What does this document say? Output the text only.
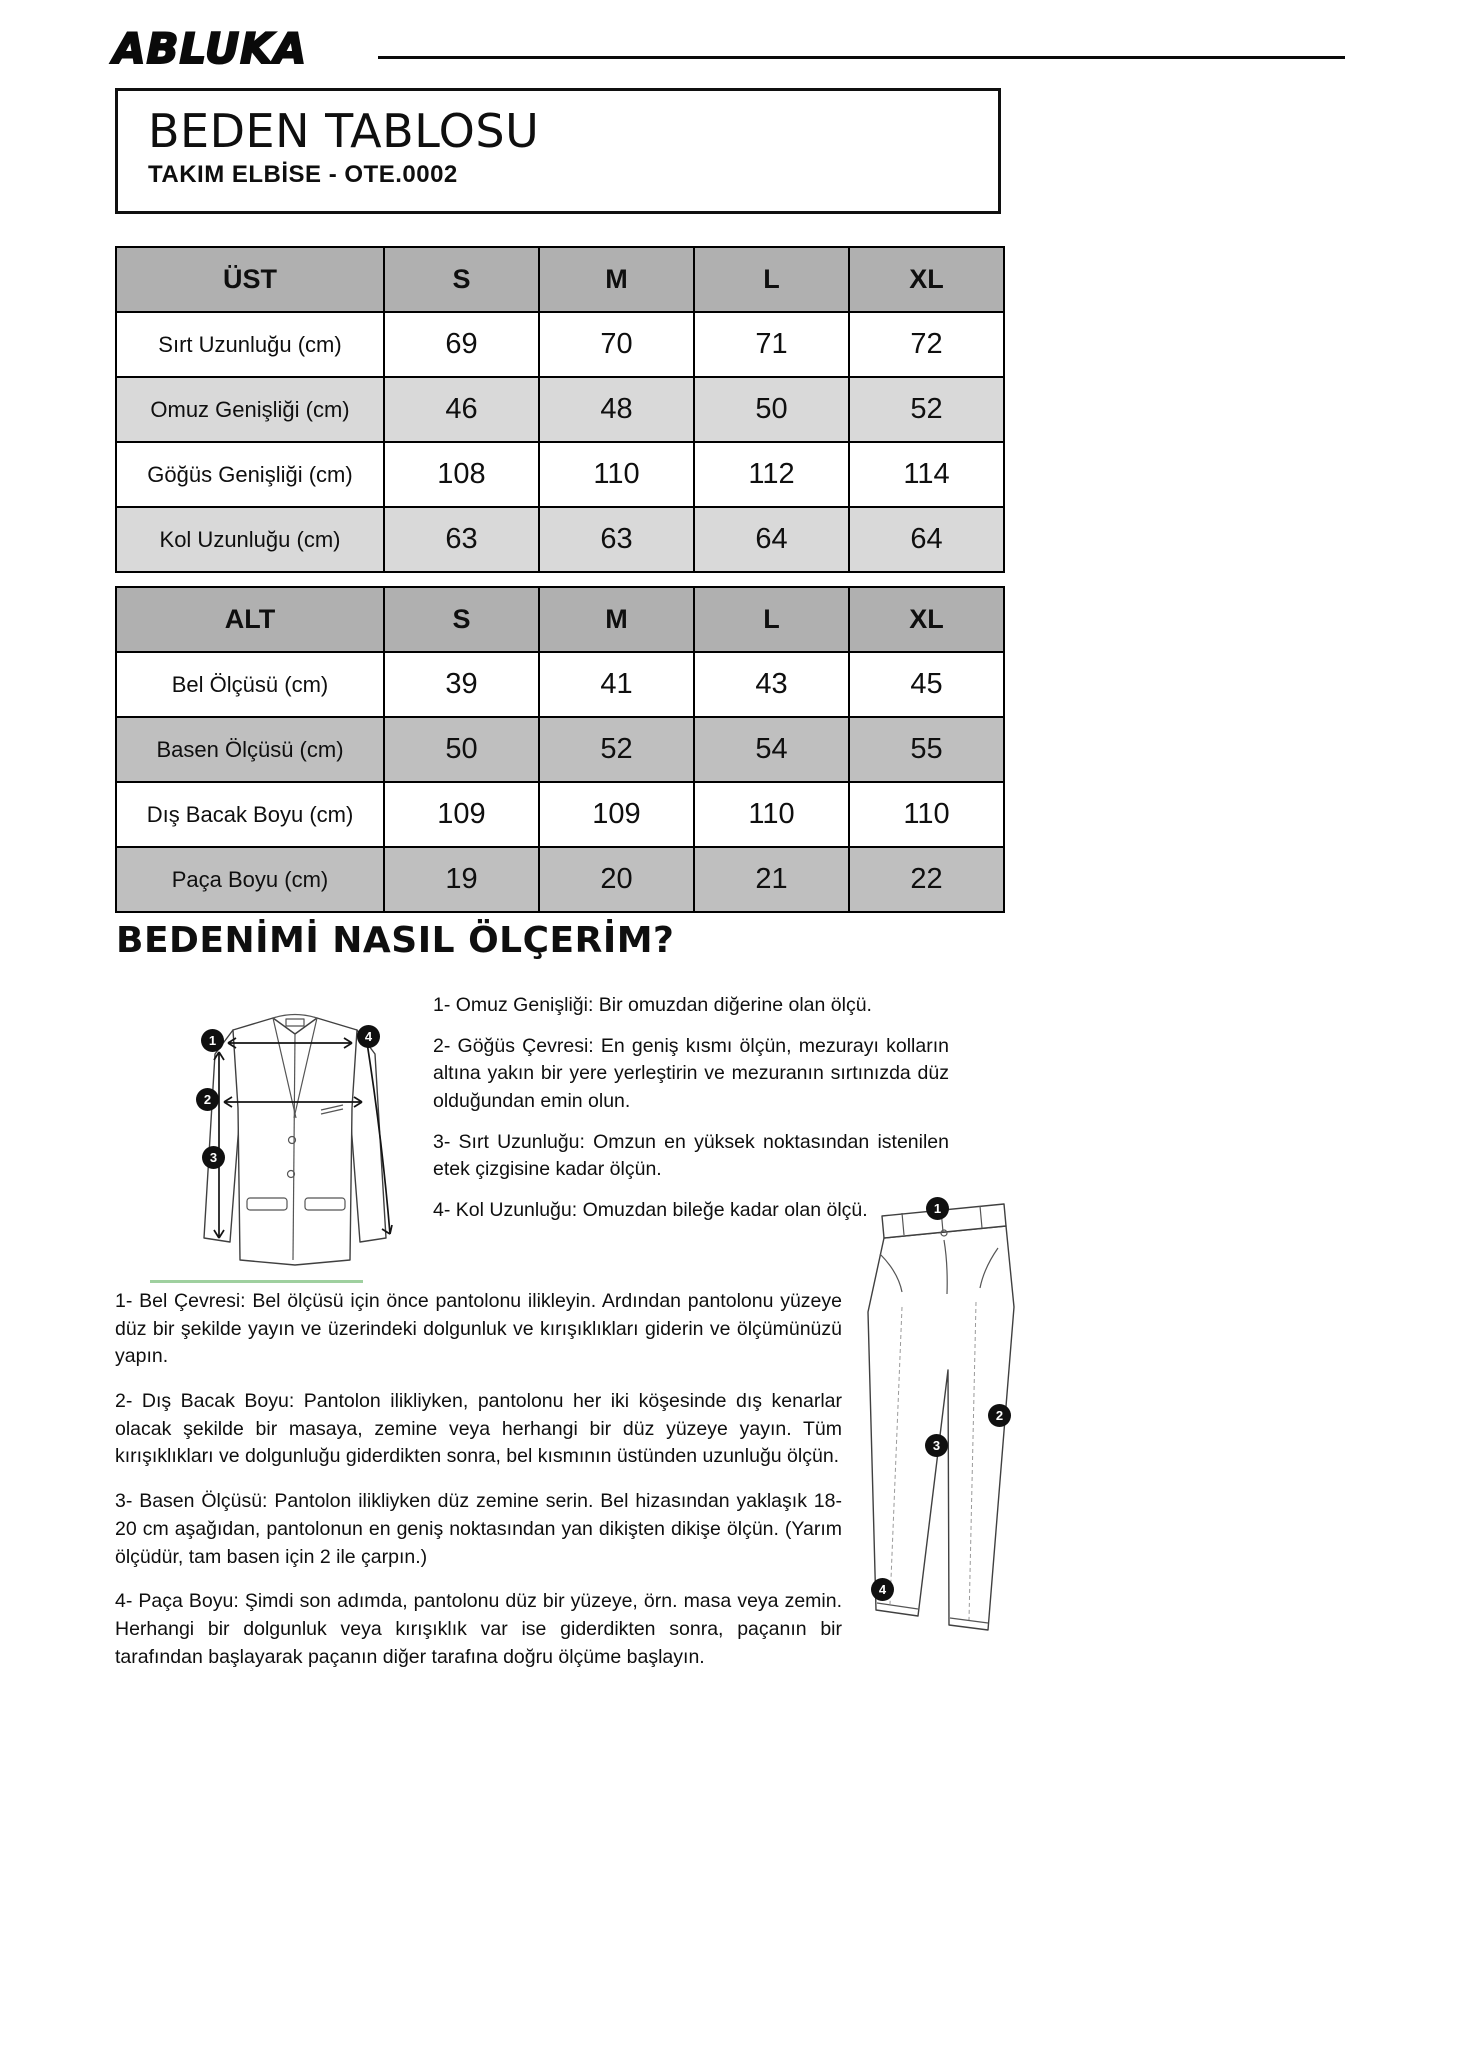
ABLUKA
BEDEN TABLOSU
TAKIM ELBİSE - OTE.0002
ÜST	S	M	L	XL
Sırt Uzunluğu (cm)	69	70	71	72
Omuz Genişliği (cm)	46	48	50	52
Göğüs Genişliği (cm)	108	110	112	114
Kol Uzunluğu (cm)	63	63	64	64
ALT	S	M	L	XL
Bel Ölçüsü (cm)	39	41	43	45
Basen Ölçüsü (cm)	50	52	54	55
Dış Bacak Boyu (cm)	109	109	110	110
Paça Boyu (cm)	19	20	21	22
BEDENİMİ NASIL ÖLÇERİM?
1
2
3
4

1- Omuz Genişliği: Bir omuzdan diğerine olan ölçü.

2- Göğüs Çevresi: En geniş kısmı ölçün, mezurayı kolların altına yakın bir yere yerleştirin ve mezuranın sırtınızda düz olduğundan emin olun.

3- Sırt Uzunluğu: Omzun en yüksek noktasından istenilen etek çizgisine kadar ölçün.

4- Kol Uzunluğu: Omuzdan bileğe kadar olan ölçü.

1- Bel Çevresi: Bel ölçüsü için önce pantolonu ilikleyin. Ardından pantolonu yüzeye düz bir şekilde yayın ve üzerindeki dolgunluk ve kırışıklıkları giderin ve ölçümünüzü yapın.

2- Dış Bacak Boyu: Pantolon ilikliyken, pantolonu her iki köşesinde dış kenarlar olacak şekilde bir masaya, zemine veya herhangi bir düz yüzeye yayın. Tüm kırışıklıkları ve dolgunluğu giderdikten sonra, bel kısmının üstünden uzunluğu ölçün.

3- Basen Ölçüsü: Pantolon ilikliyken düz zemine serin. Bel hizasından yaklaşık 18-20 cm aşağıdan, pantolonun en geniş noktasından yan dikişten dikişe ölçün. (Yarım ölçüdür, tam basen için 2 ile çarpın.)

4- Paça Boyu: Şimdi son adımda, pantolonu düz bir yüzeye, örn. masa veya zemin. Herhangi bir dolgunluk veya kırışıklık var ise giderdikten sonra, paçanın bir tarafından başlayarak paçanın diğer tarafına doğru ölçüme başlayın.

1
2
3
4
